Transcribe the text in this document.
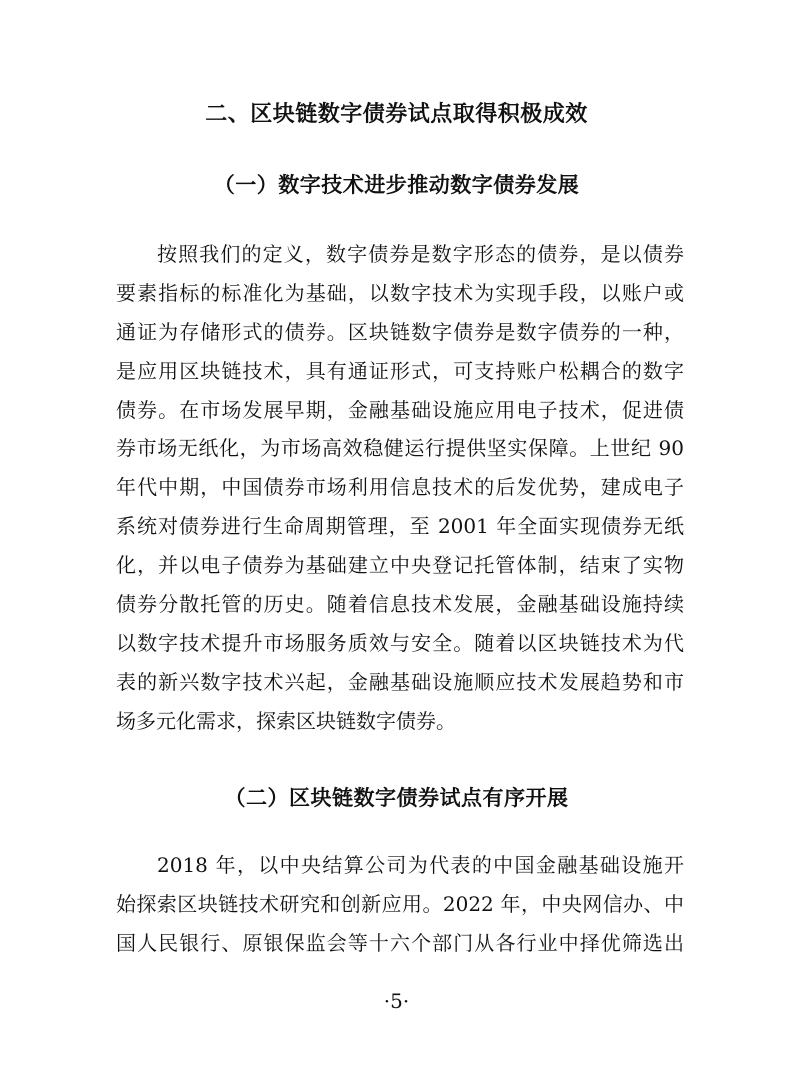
二、区块链数字债券试点取得积极成效
（一）数字技术进步推动数字债券发展
按照我们的定义，数字债券是数字形态的债券，是以债券
要素指标的标准化为基础，以数字技术为实现手段，以账户或
通证为存储形式的债券。区块链数字债券是数字债券的一种，
是应用区块链技术，具有通证形式，可支持账户松耦合的数字
债券。在市场发展早期，金融基础设施应用电子技术，促进债
券市场无纸化，为市场高效稳健运行提供坚实保障。上世纪 90
年代中期，中国债券市场利用信息技术的后发优势，建成电子
系统对债券进行生命周期管理，至 2001 年全面实现债券无纸
化，并以电子债券为基础建立中央登记托管体制，结束了实物
债券分散托管的历史。随着信息技术发展，金融基础设施持续
以数字技术提升市场服务质效与安全。随着以区块链技术为代
表的新兴数字技术兴起，金融基础设施顺应技术发展趋势和市
场多元化需求，探索区块链数字债券。
（二）区块链数字债券试点有序开展
2018 年，以中央结算公司为代表的中国金融基础设施开
始探索区块链技术研究和创新应用。2022 年，中央网信办、中
国人民银行、原银保监会等十六个部门从各行业中择优筛选出
·5·
